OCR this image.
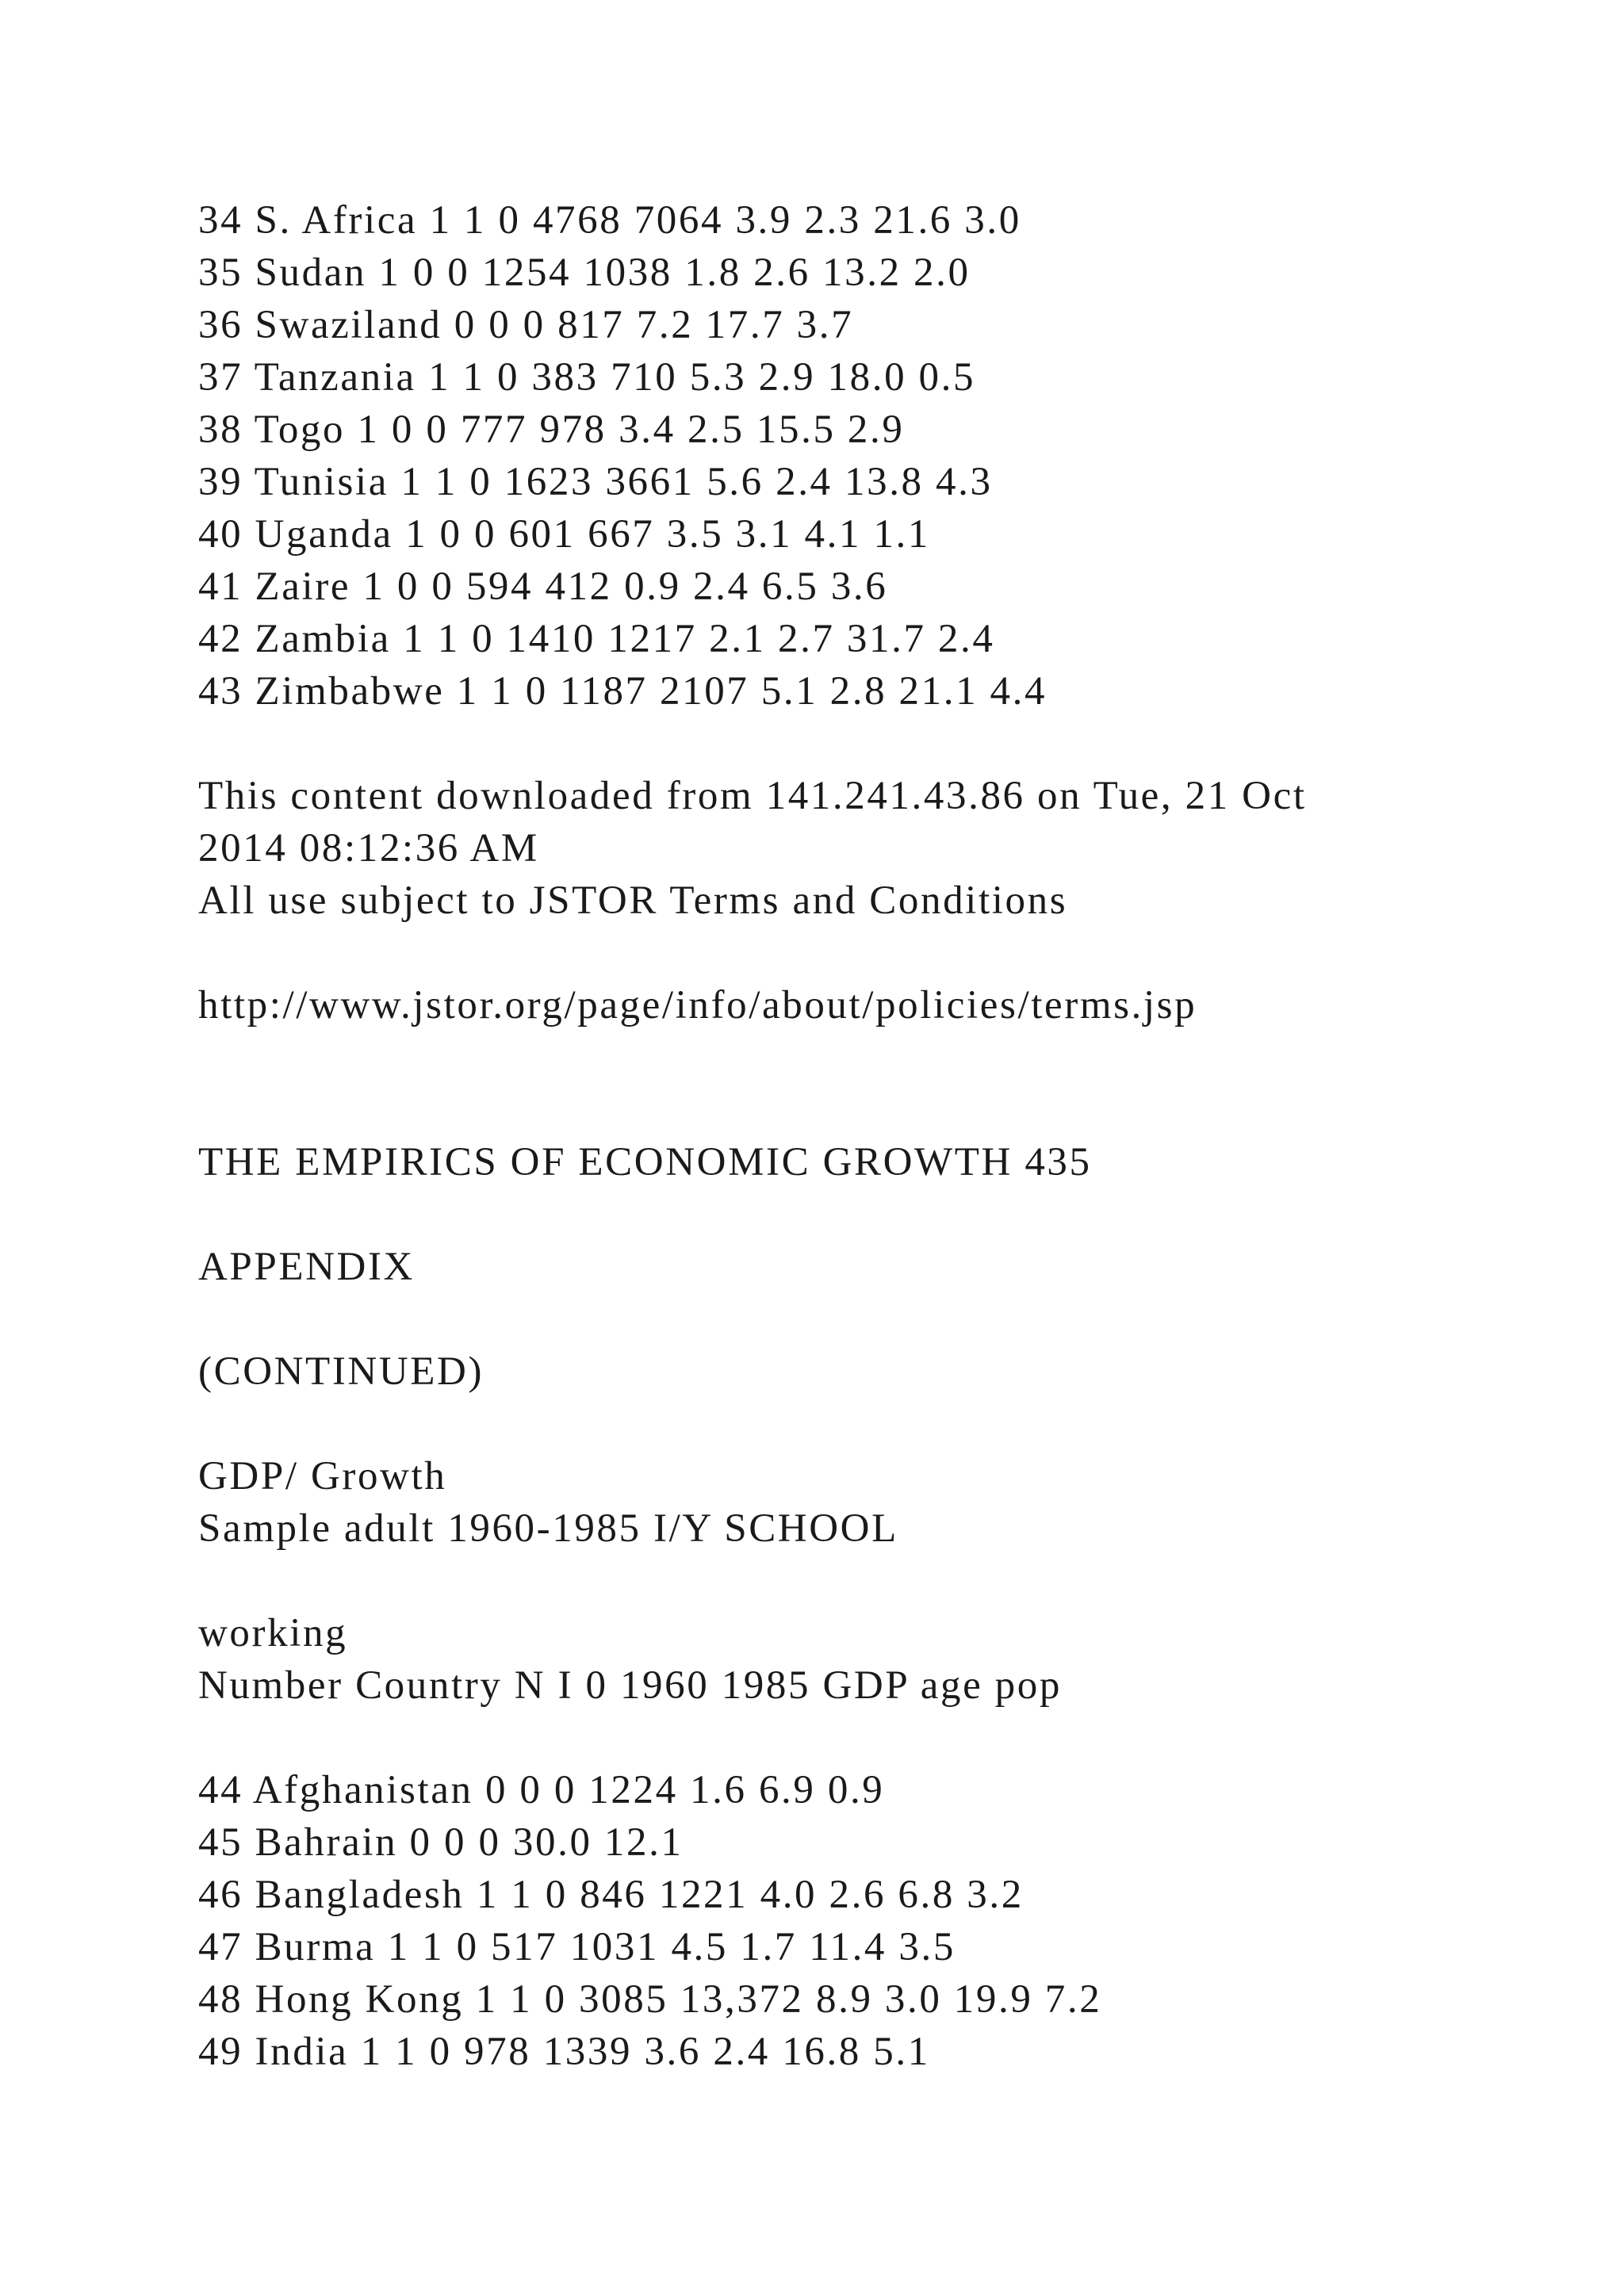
34 S. Africa 1 1 0 4768 7064 3.9 2.3 21.6 3.0
35 Sudan 1 0 0 1254 1038 1.8 2.6 13.2 2.0
36 Swaziland 0 0 0 817 7.2 17.7 3.7
37 Tanzania 1 1 0 383 710 5.3 2.9 18.0 0.5
38 Togo 1 0 0 777 978 3.4 2.5 15.5 2.9
39 Tunisia 1 1 0 1623 3661 5.6 2.4 13.8 4.3
40 Uganda 1 0 0 601 667 3.5 3.1 4.1 1.1
41 Zaire 1 0 0 594 412 0.9 2.4 6.5 3.6
42 Zambia 1 1 0 1410 1217 2.1 2.7 31.7 2.4
43 Zimbabwe 1 1 0 1187 2107 5.1 2.8 21.1 4.4
This content downloaded from 141.241.43.86 on Tue, 21 Oct
2014 08:12:36 AM
All use subject to JSTOR Terms and Conditions
http://www.jstor.org/page/info/about/policies/terms.jsp
THE EMPIRICS OF ECONOMIC GROWTH 435
APPENDIX
(CONTINUED)
GDP/ Growth
Sample adult 1960-1985 I/Y SCHOOL
working
Number Country N I 0 1960 1985 GDP age pop
44 Afghanistan 0 0 0 1224 1.6 6.9 0.9
45 Bahrain 0 0 0 30.0 12.1
46 Bangladesh 1 1 0 846 1221 4.0 2.6 6.8 3.2
47 Burma 1 1 0 517 1031 4.5 1.7 11.4 3.5
48 Hong Kong 1 1 0 3085 13,372 8.9 3.0 19.9 7.2
49 India 1 1 0 978 1339 3.6 2.4 16.8 5.1
